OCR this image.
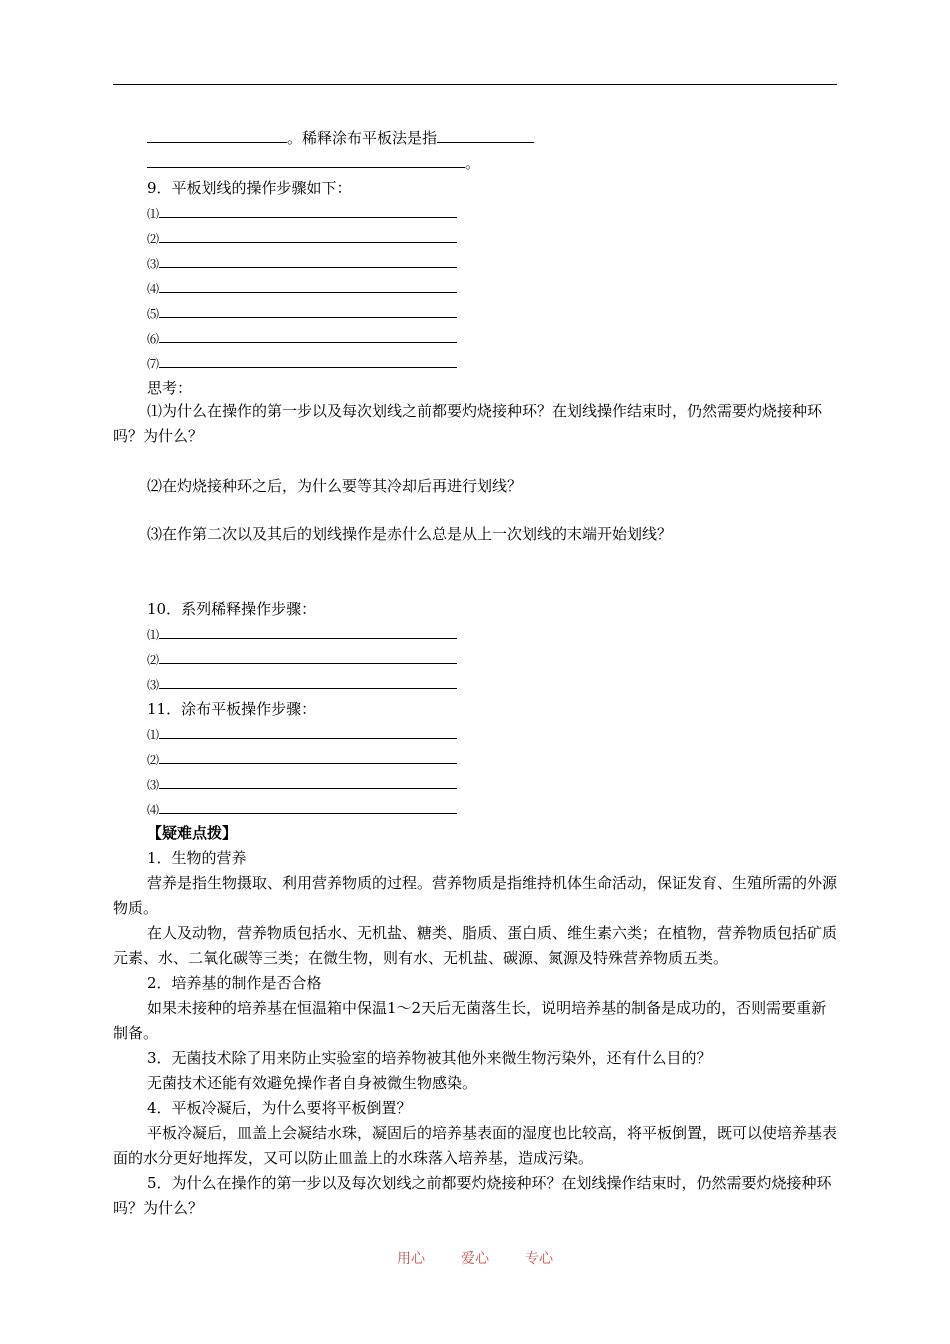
。稀释涂布平板法是指
。
9．平板划线的操作步骤如下：
⑴
⑵
⑶
⑷
⑸
⑹
⑺
思考：
⑴为什么在操作的第一步以及每次划线之前都要灼烧接种环？在划线操作结束时，仍然需要灼烧接种环吗？为什么？
⑵在灼烧接种环之后，为什么要等其冷却后再进行划线？
⑶在作第二次以及其后的划线操作是赤什么总是从上一次划线的末端开始划线？
10．系列稀释操作步骤：
⑴
⑵
⑶
11．涂布平板操作步骤：
⑴
⑵
⑶
⑷
【疑难点拨】
1．生物的营养
营养是指生物摄取、利用营养物质的过程。营养物质是指维持机体生命活动，保证发育、生殖所需的外源物质。
在人及动物，营养物质包括水、无机盐、糖类、脂质、蛋白质、维生素六类；在植物，营养物质包括矿质元素、水、二氧化碳等三类；在微生物，则有水、无机盐、碳源、氮源及特殊营养物质五类。
2．培养基的制作是否合格
如果未接种的培养基在恒温箱中保温1～2天后无菌落生长，说明培养基的制备是成功的，否则需要重新制备。
3．无菌技术除了用来防止实验室的培养物被其他外来微生物污染外，还有什么目的？
无菌技术还能有效避免操作者自身被微生物感染。
4．平板冷凝后，为什么要将平板倒置？
平板冷凝后，皿盖上会凝结水珠，凝固后的培养基表面的湿度也比较高，将平板倒置，既可以使培养基表面的水分更好地挥发，又可以防止皿盖上的水珠落入培养基，造成污染。
5．为什么在操作的第一步以及每次划线之前都要灼烧接种环？在划线操作结束时，仍然需要灼烧接种环吗？为什么？
用心	爱心	专心
